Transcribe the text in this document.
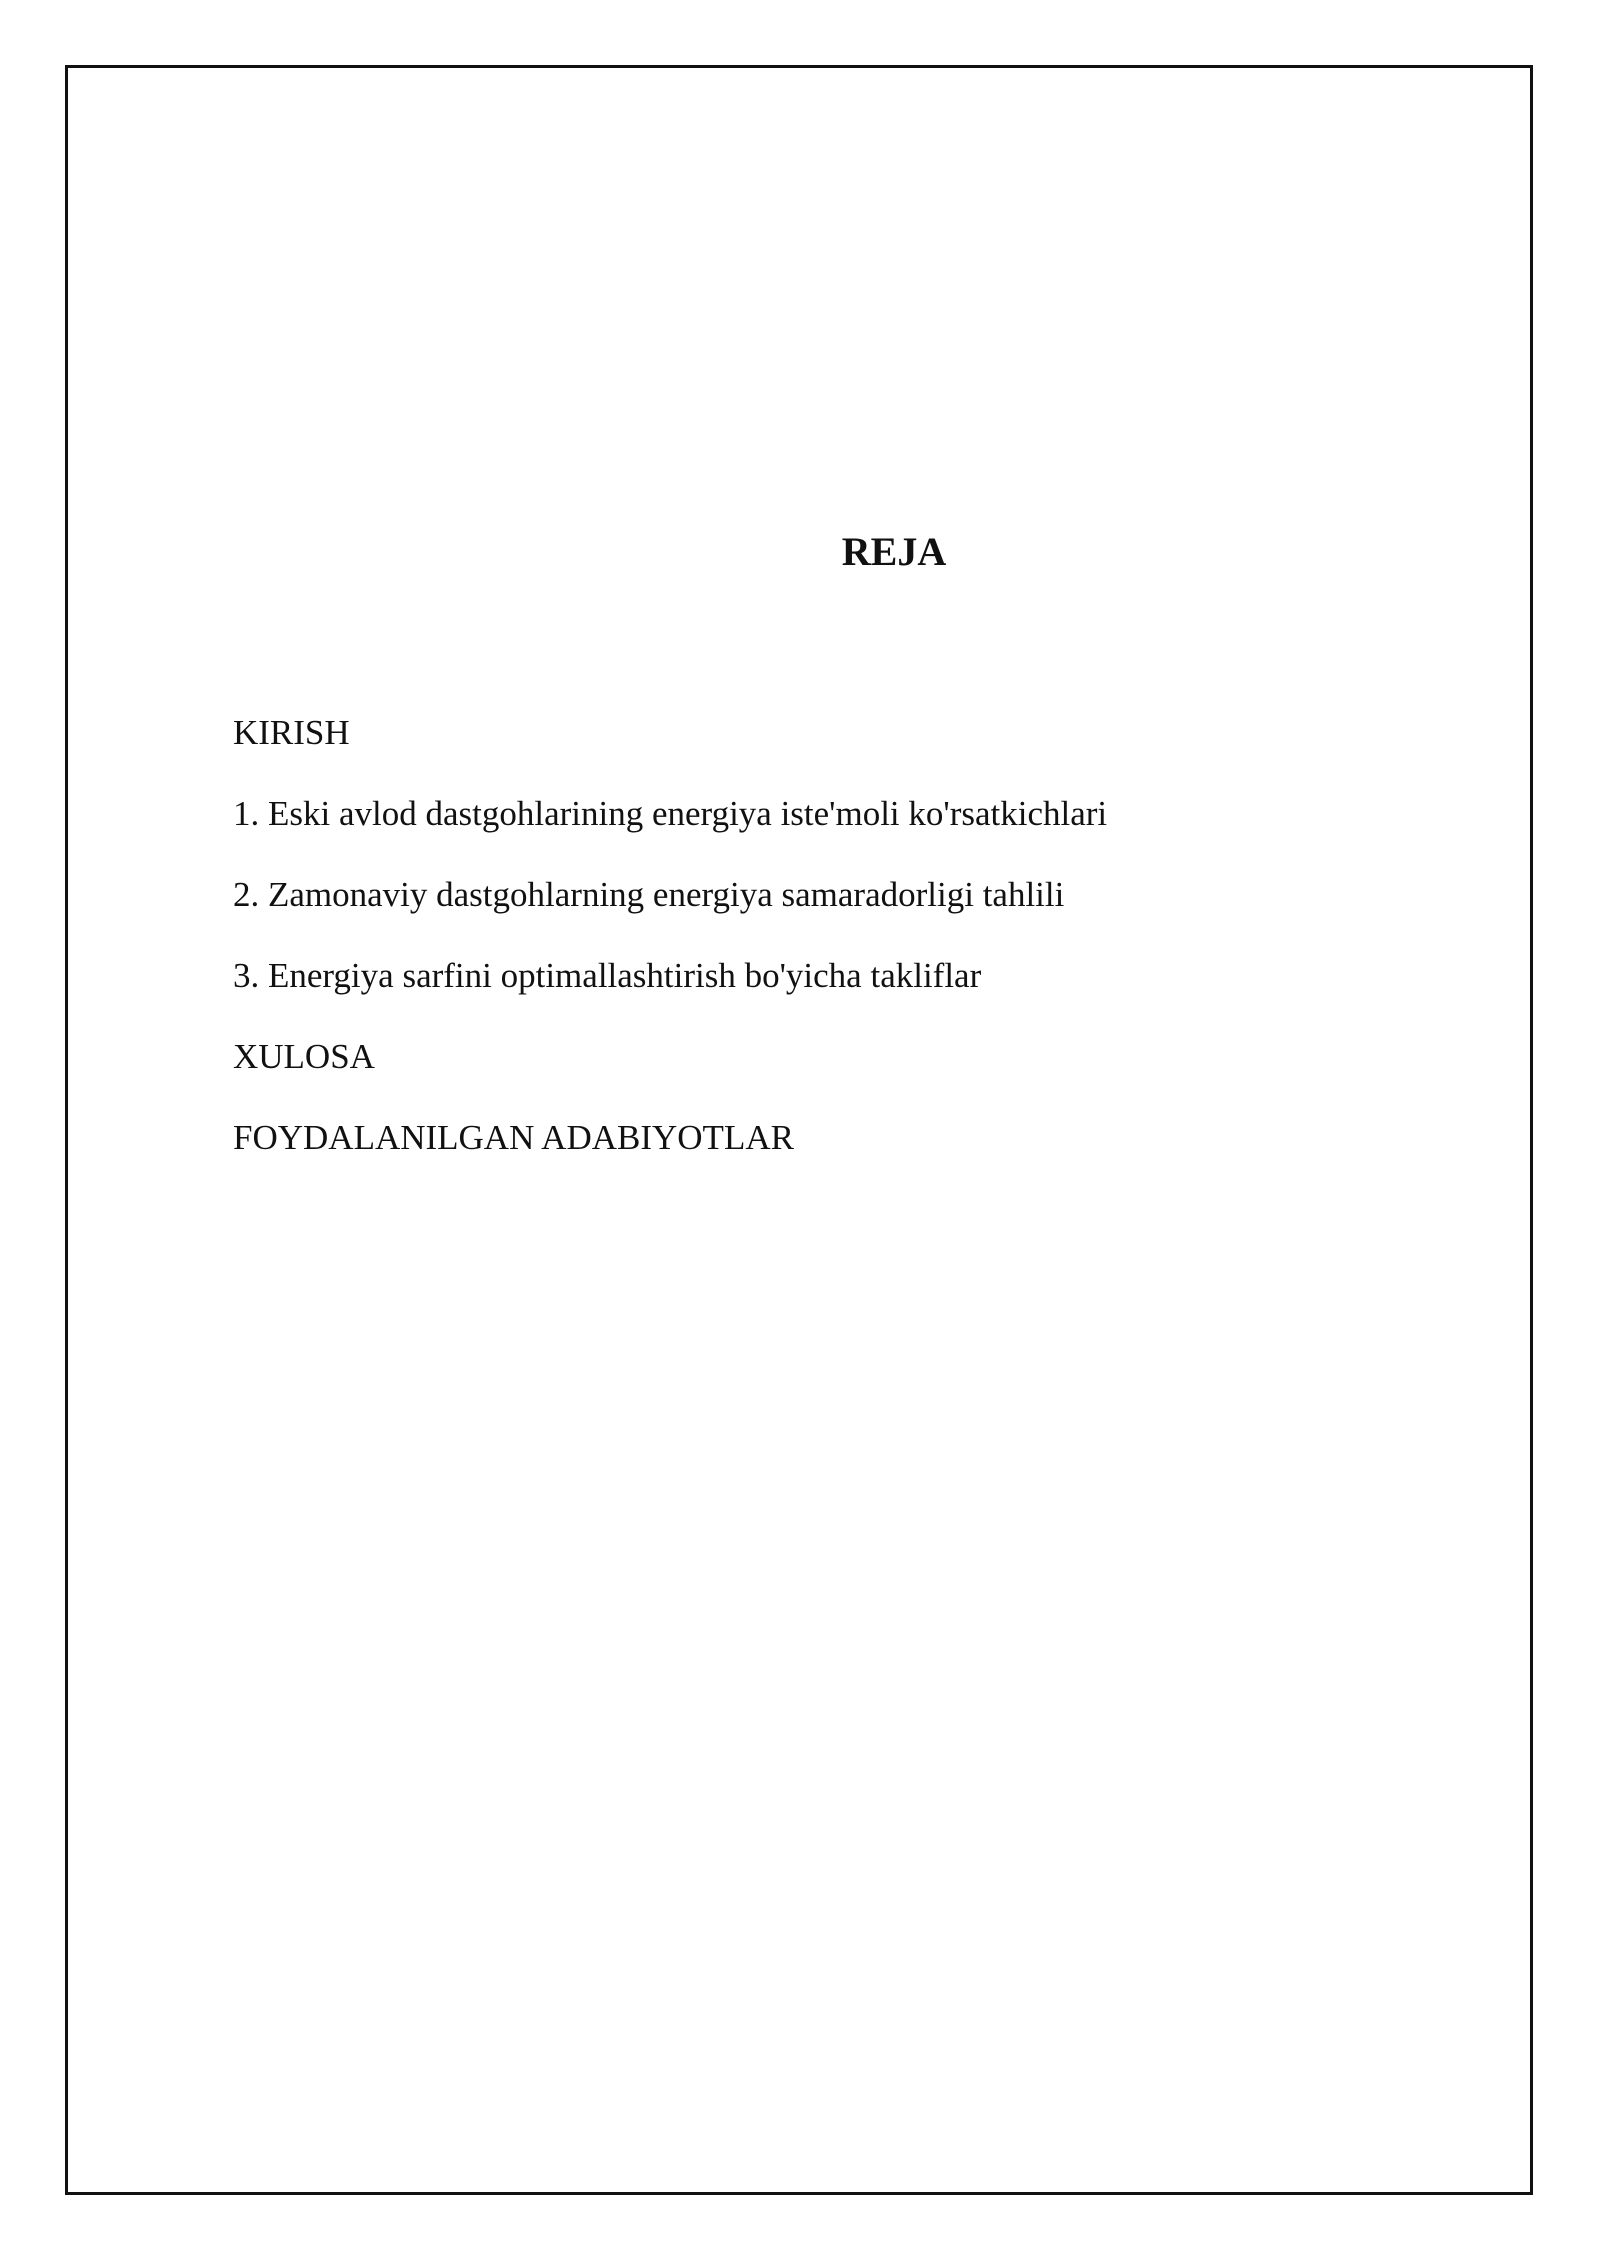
REJA
KIRISH
1. Eski avlod dastgohlarining energiya iste'moli ko'rsatkichlari
2. Zamonaviy dastgohlarning energiya samaradorligi tahlili
3. Energiya sarfini optimallashtirish bo'yicha takliflar
XULOSA
FOYDALANILGAN ADABIYOTLAR
